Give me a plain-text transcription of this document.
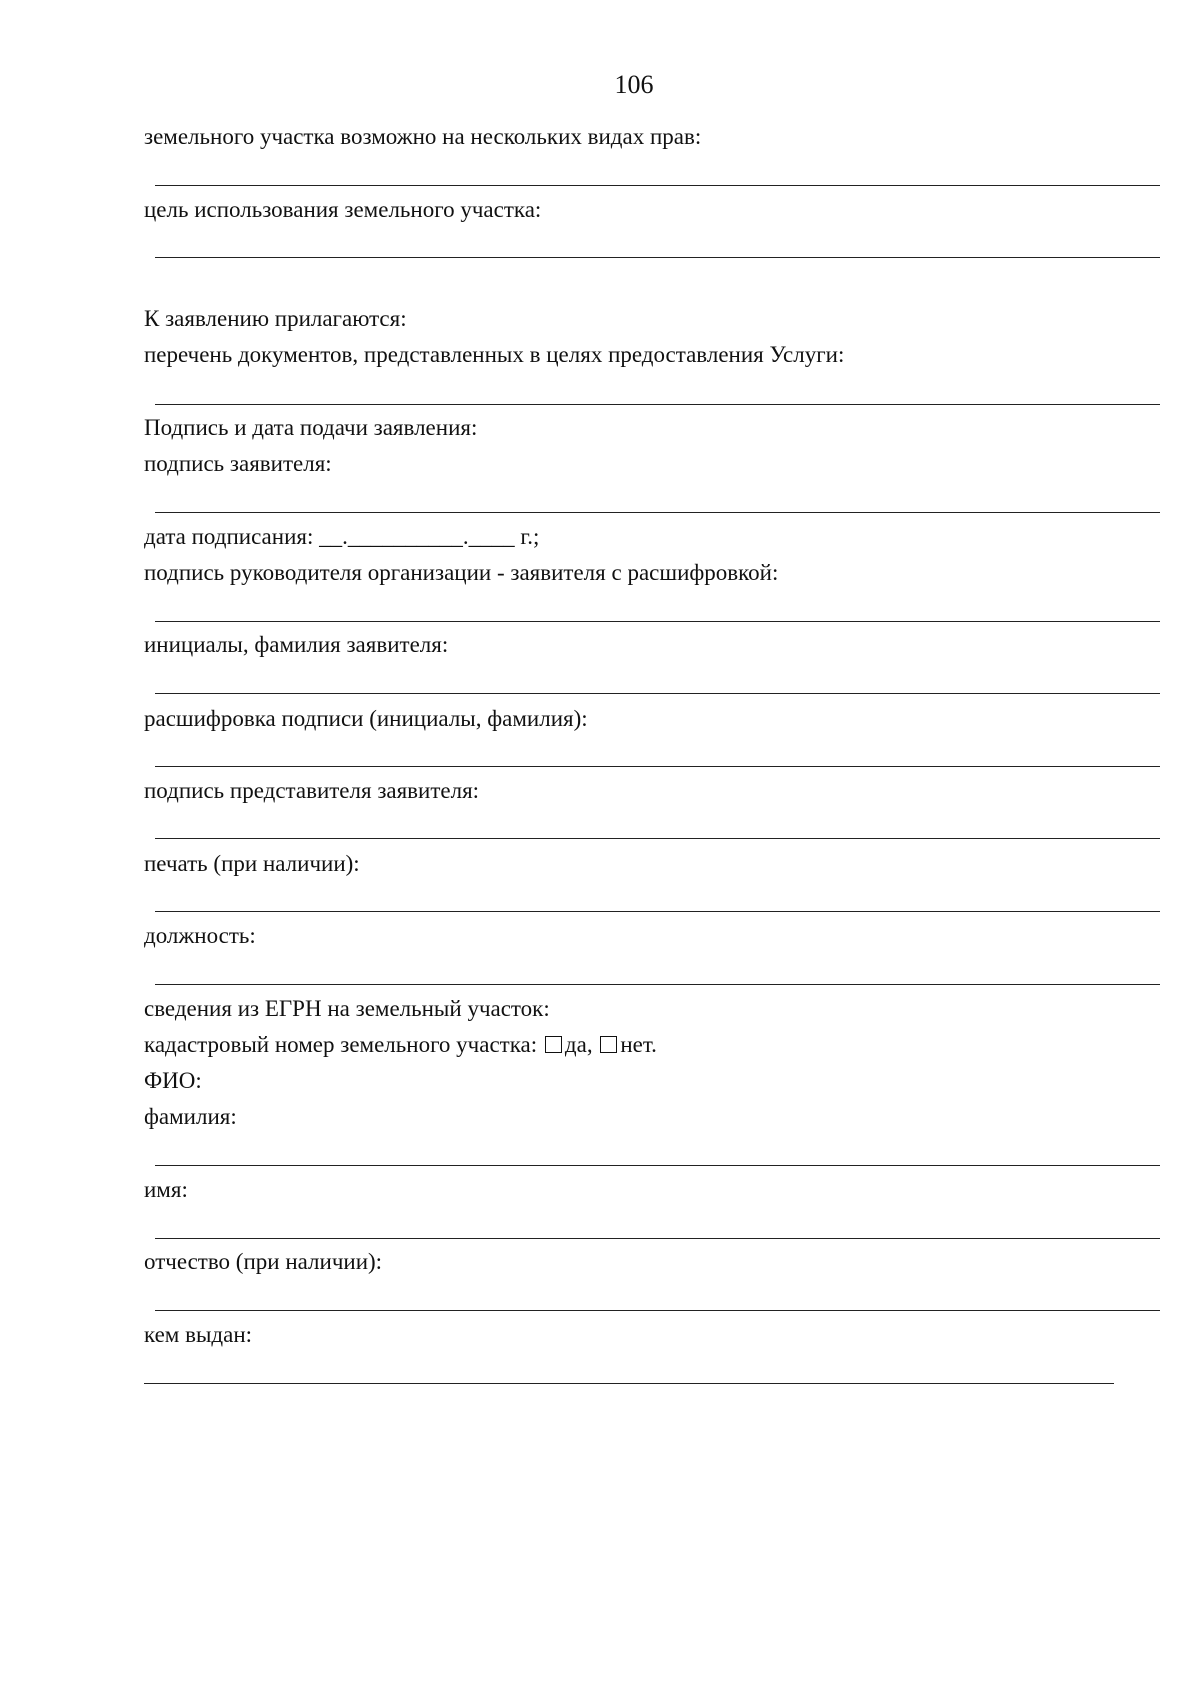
106
земельного участка возможно на нескольких видах прав:
цель использования земельного участка:
К заявлению прилагаются:
перечень документов, представленных в целях предоставления Услуги:
Подпись и дата подачи заявления:
подпись заявителя:
дата подписания: __.__________.____ г.;
подпись руководителя организации - заявителя с расшифровкой:
инициалы, фамилия заявителя:
расшифровка подписи (инициалы, фамилия):
подпись представителя заявителя:
печать (при наличии):
должность:
сведения из ЕГРН на земельный участок:
кадастровый номер земельного участка: да, нет.
ФИО:
фамилия:
имя:
отчество (при наличии):
кем выдан:
